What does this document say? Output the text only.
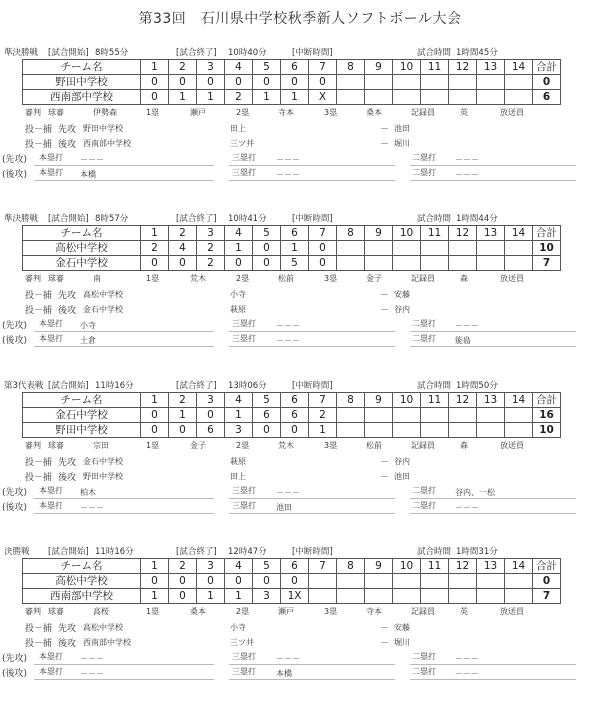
第33回　石川県中学校秋季新人ソフトボール大会
準決勝戦 [試合開始] 8時55分	[試合終了] 10時40分	[中断時間]	試合時間 1時間45分
チーム名	1	2	3	4	5	6	7	8	9	10	11	12	13	14	合計
野田中学校	0	0	0	0	0	0	0								0
西南部中学校	0	1	1	2	1	1	X								6
審判 球審	伊勢森	1塁	瀬戸	2塁	寺本	3塁	桑本	記録員	英	放送員
投－捕 先攻 野田中学校	田上	－ 池田
投－捕 後攻 西南部中学校	三ツ井	－ 堀川
(先攻) 本塁打 －－－	三塁打	－－－	二塁打 －－－
(後攻) 本塁打 本橋	三塁打	－－－	二塁打 －－－
準決勝戦 [試合開始] 8時57分	[試合終了] 10時41分	[中断時間]	試合時間 1時間44分
チーム名	1	2	3	4	5	6	7	8	9	10	11	12	13	14	合計
高松中学校	2	4	2	1	0	1	0								10
金石中学校	0	0	2	0	0	5	0								7
審判 球審	南	1塁	荒木	2塁	松前	3塁	金子	記録員	森	放送員
投－捕 先攻 高松中学校	小寺	－ 安藤
投－捕 後攻 金石中学校	萩原	－ 谷内
(先攻) 本塁打 小寺	三塁打	－－－	二塁打 －－－
(後攻) 本塁打 土倉	三塁打	－－－	二塁打 能島
第3代表戦 [試合開始] 11時16分	[試合終了] 13時06分	[中断時間]	試合時間 1時間50分
チーム名	1	2	3	4	5	6	7	8	9	10	11	12	13	14	合計
金石中学校	0	1	0	1	6	6	2								16
野田中学校	0	0	6	3	0	0	1								10
審判 球審	宗田	1塁	金子	2塁	荒木	3塁	松前	記録員	森	放送員
投－捕 先攻 金石中学校	萩原	－ 谷内
投－捕 後攻 野田中学校	田上	－ 池田
(先攻) 本塁打 柏木	三塁打	－－－	二塁打 谷内、一松
(後攻) 本塁打 －－－	三塁打	池田	二塁打 －－－
決勝戦 [試合開始] 11時16分	[試合終了] 12時47分	[中断時間]	試合時間 1時間31分
チーム名	1	2	3	4	5	6	7	8	9	10	11	12	13	14	合計
高松中学校	0	0	0	0	0	0									0
西南部中学校	1	0	1	1	3	1X									7
審判 球審	高桜	1塁	桑本	2塁	瀬戸	3塁	寺本	記録員	英	放送員
投－捕 先攻 高松中学校	小寺	－ 安藤
投－捕 後攻 西南部中学校	三ツ井	－ 堀川
(先攻) 本塁打 －－－	三塁打	－－－	二塁打 －－－
(後攻) 本塁打 －－－	三塁打	本橋	二塁打 －－－
